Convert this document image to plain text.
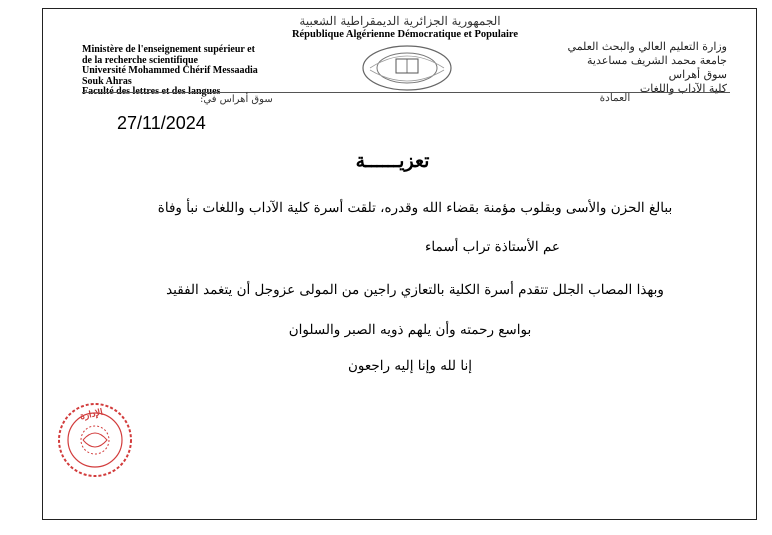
الجمهورية الجزائرية الديمقراطية الشعبية
République Algérienne Démocratique et Populaire
Ministère de l'enseignement supérieur et
de la recherche scientifique
Université Mohammed Chérif Messaadia
Souk Ahras
Faculté des lettres et des langues
وزارة التعليم العالي والبحث العلمي
جامعة محمد الشريف مساعدية
سوق أهراس
كلية الآداب واللغات
سوق أهراس في:	العمادة
27/11/2024
تعزيــــــة
ببالغ الحزن والأسى وبقلوب مؤمنة بقضاء الله وقدره، تلقت أسرة كلية الآداب واللغات نبأ وفاة
عم الأستاذة تراب أسماء
وبهذا المصاب الجلل تتقدم أسرة الكلية بالتعازي راجين من المولى عزوجل أن يتغمد الفقيد
بواسع رحمته وأن يلهم ذويه الصبر والسلوان
إنا لله وإنا إليه راجعون
الإدارة
